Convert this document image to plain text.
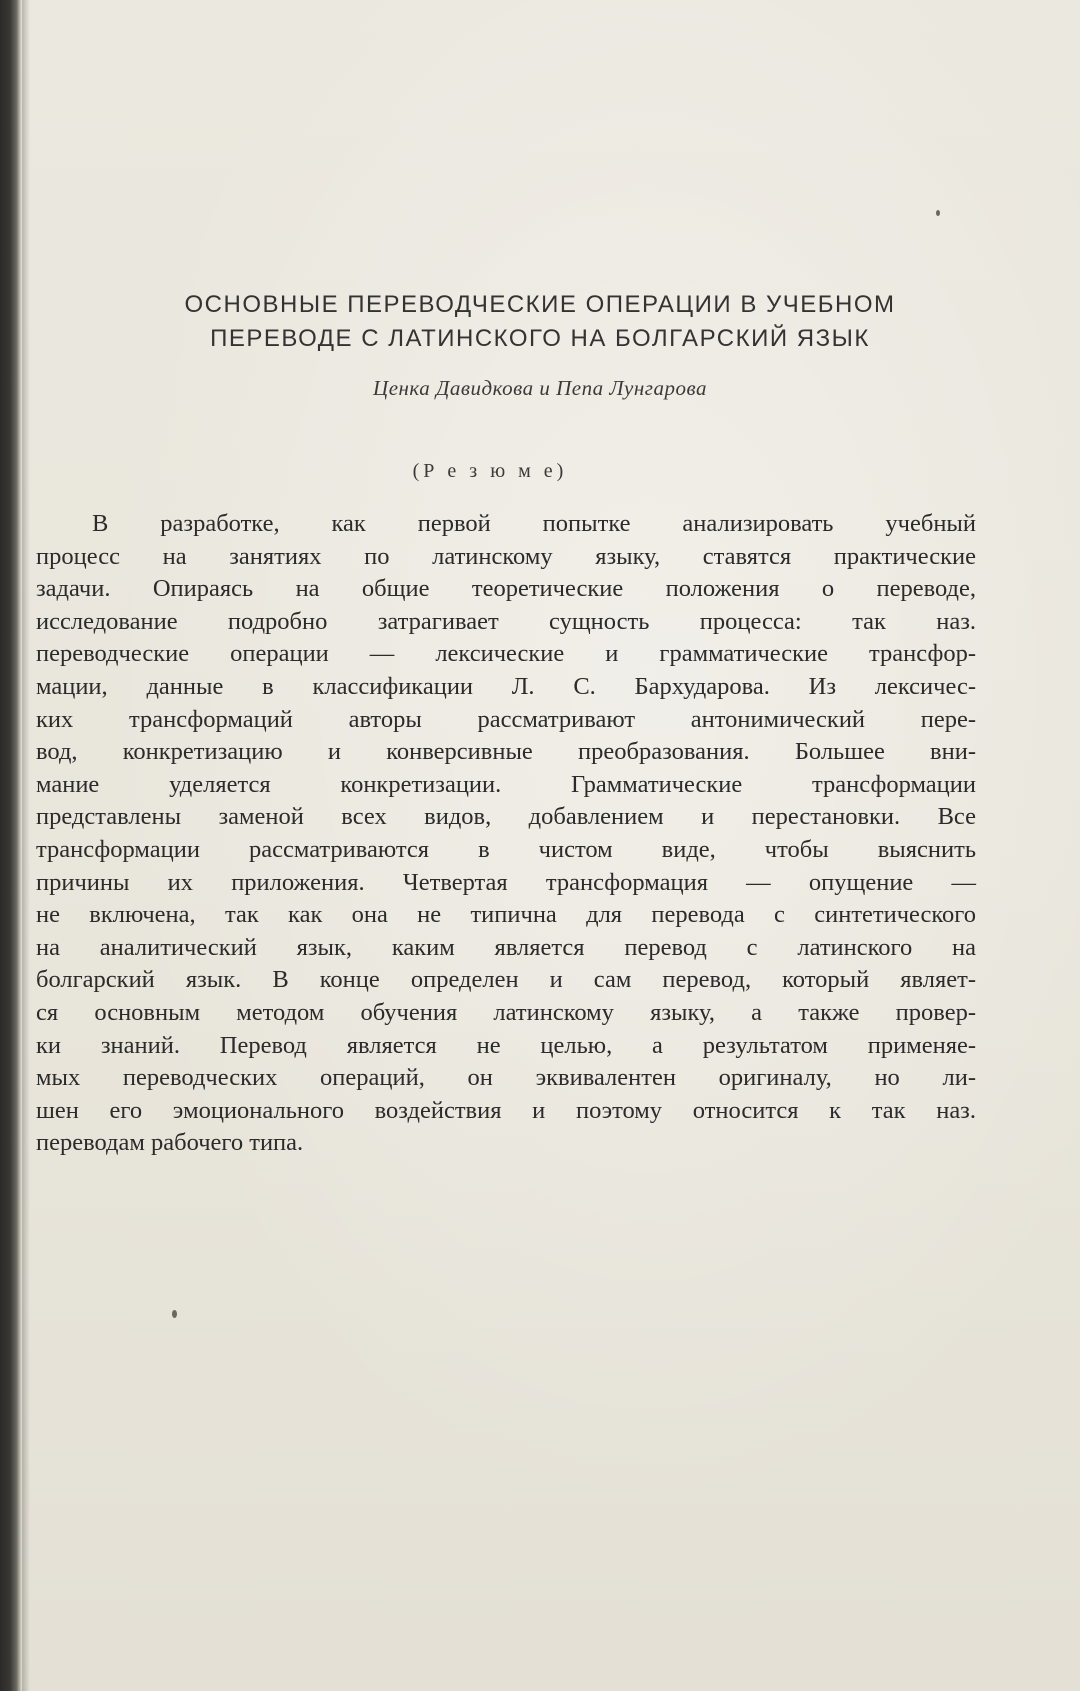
ОСНОВНЫЕ ПЕРЕВОДЧЕСКИЕ ОПЕРАЦИИ В УЧЕБНОМ
ПЕРЕВОДЕ С ЛАТИНСКОГО НА БОЛГАРСКИЙ ЯЗЫК
Ценка Давидкова и Пепа Лунгарова
(Р е з ю м е)
В разработке, как первой попытке анализировать учебный
процесс на занятиях по латинскому языку, ставятся практические
задачи. Опираясь на общие теоретические положения о переводе,
исследование подробно затрагивает сущность процесса: так наз.
переводческие операции — лексические и грамматические трансфор-
мации, данные в классификации Л. С. Бархударова. Из лексичес-
ких трансформаций авторы рассматривают антонимический пере-
вод, конкретизацию и конверсивные преобразования. Большее вни-
мание уделяется конкретизации. Грамматические трансформации
представлены заменой всех видов, добавлением и перестановки. Все
трансформации рассматриваются в чистом виде, чтобы выяснить
причины их приложения. Четвертая трансформация — опущение —
не включена, так как она не типична для перевода с синтетического
на аналитический язык, каким является перевод с латинского на
болгарский язык. В конце определен и сам перевод, который являет-
ся основным методом обучения латинскому языку, а также провер-
ки знаний. Перевод является не целью, а результатом применяе-
мых переводческих операций, он эквивалентен оригиналу, но ли-
шен его эмоционального воздействия и поэтому относится к так наз.
переводам рабочего типа.
